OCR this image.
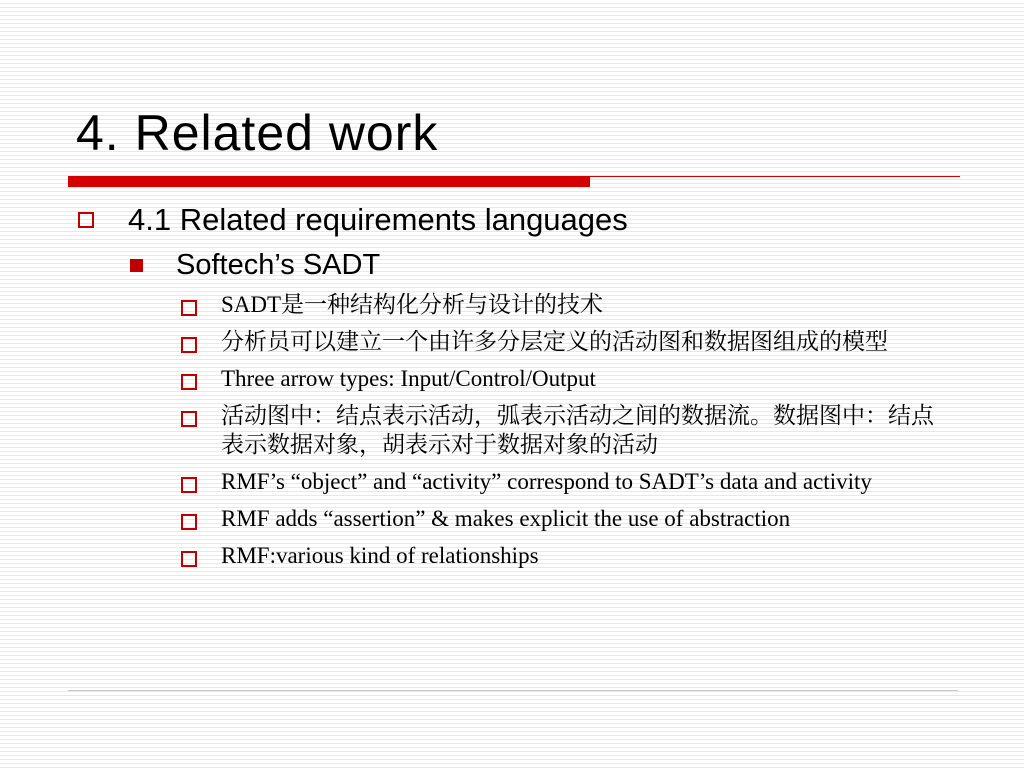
4. Related work
4.1 Related requirements languages
Softech’s SADT
SADT是一种结构化分析与设计的技术
分析员可以建立一个由许多分层定义的活动图和数据图组成的模型
Three arrow types: Input/Control/Output
活动图中：结点表示活动，弧表示活动之间的数据流。数据图中：结点表示数据对象，胡表示对于数据对象的活动
RMF’s “object” and “activity” correspond to SADT’s data and activity
RMF adds “assertion” & makes explicit the use of abstraction
RMF:various kind of relationships
